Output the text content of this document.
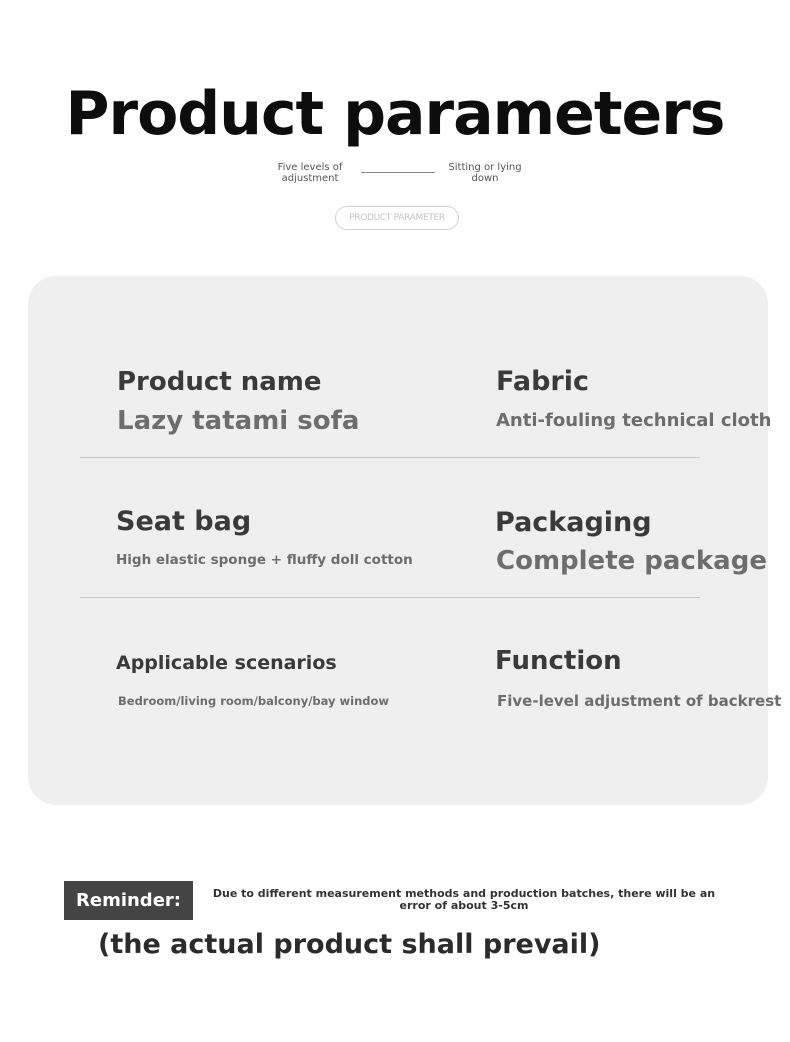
Product parameters
Five levels of adjustment
Sitting or lying down
PRODUCT PARAMETER
Product name
Lazy tatami sofa
Fabric
Anti-fouling technical cloth
Seat bag
High elastic sponge + fluffy doll cotton
Packaging
Complete package
Applicable scenarios
Bedroom/living room/balcony/bay window
Function
Five-level adjustment of backrest
Reminder:	Due to different measurement methods and production batches, there will be an error of about 3-5cm
(the actual product shall prevail)
